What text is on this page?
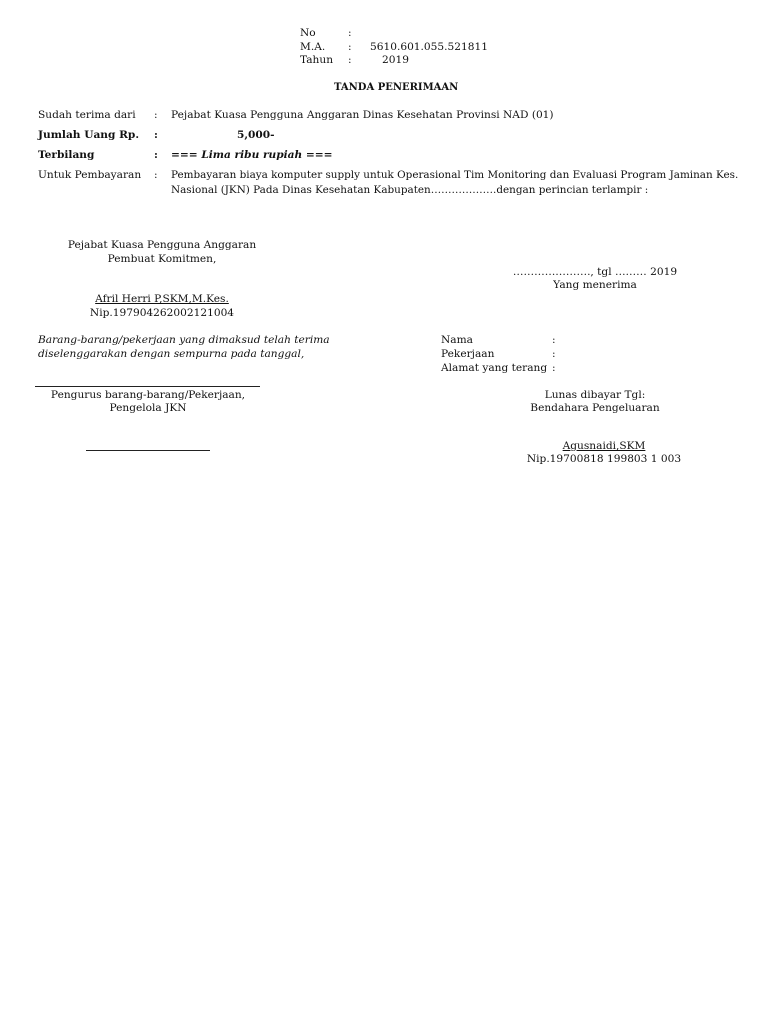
No	:
M.A. : 5610.601.055.521811
Tahun :	2019
TANDA PENERIMAAN
Sudah terima dari : Pejabat Kuasa Pengguna Anggaran Dinas Kesehatan Provinsi NAD (01)
Jumlah Uang Rp. :	5,000-
Terbilang	: === Lima ribu rupiah ===
Untuk Pembayaran : Pembayaran biaya komputer supply untuk Operasional Tim Monitoring dan Evaluasi Program Jaminan Kes.
Nasional (JKN) Pada Dinas Kesehatan Kabupaten……………….dengan perincian terlampir :
Pejabat Kuasa Pengguna Anggaran
Pembuat Komitmen,
Afril Herri P,SKM,M.Kes.
Nip.197904262002121004
…………………., tgl ……… 2019
Yang menerima
Barang-barang/pekerjaan yang dimaksud telah terima
diselenggarakan dengan sempurna pada tanggal,
Nama	:
Pekerjaan	:
Alamat yang terang :
Pengurus barang-barang/Pekerjaan,
Pengelola JKN
Lunas dibayar Tgl:
Bendahara Pengeluaran
Agusnaidi,SKM
Nip.19700818 199803 1 003
